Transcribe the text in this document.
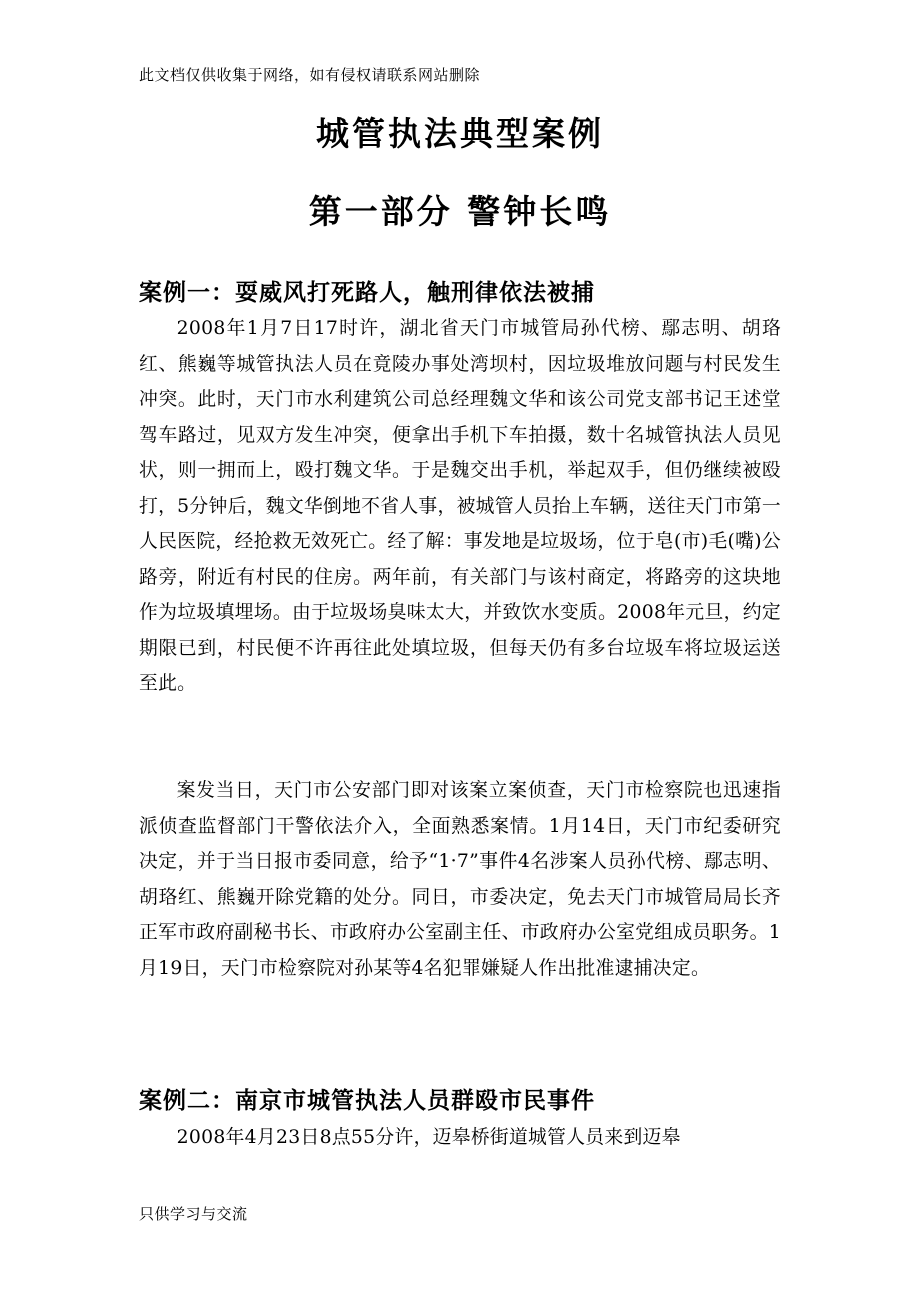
此文档仅供收集于网络，如有侵权请联系网站删除
城管执法典型案例
第一部分 警钟长鸣
案例一：耍威风打死路人，触刑律依法被捕

2008年1月7日17时许，湖北省天门市城管局孙代榜、鄢志明、胡珞红、熊巍等城管执法人员在竟陵办事处湾坝村，因垃圾堆放问题与村民发生冲突。此时，天门市水利建筑公司总经理魏文华和该公司党支部书记王述堂驾车路过，见双方发生冲突，便拿出手机下车拍摄，数十名城管执法人员见状，则一拥而上，殴打魏文华。于是魏交出手机，举起双手，但仍继续被殴打，5分钟后，魏文华倒地不省人事，被城管人员抬上车辆，送往天门市第一人民医院，经抢救无效死亡。经了解：事发地是垃圾场，位于皂(市)毛(嘴)公路旁，附近有村民的住房。两年前，有关部门与该村商定，将路旁的这块地作为垃圾填埋场。由于垃圾场臭味太大，并致饮水变质。2008年元旦，约定期限已到，村民便不许再往此处填垃圾，但每天仍有多台垃圾车将垃圾运送至此。

案发当日，天门市公安部门即对该案立案侦查，天门市检察院也迅速指派侦查监督部门干警依法介入，全面熟悉案情。1月14日，天门市纪委研究决定，并于当日报市委同意，给予“1·7”事件4名涉案人员孙代榜、鄢志明、胡珞红、熊巍开除党籍的处分。同日，市委决定，免去天门市城管局局长齐正军市政府副秘书长、市政府办公室副主任、市政府办公室党组成员职务。1月19日，天门市检察院对孙某等4名犯罪嫌疑人作出批准逮捕决定。

案例二：南京市城管执法人员群殴市民事件

2008年4月23日8点55分许，迈皋桥街道城管人员来到迈皋

只供学习与交流
